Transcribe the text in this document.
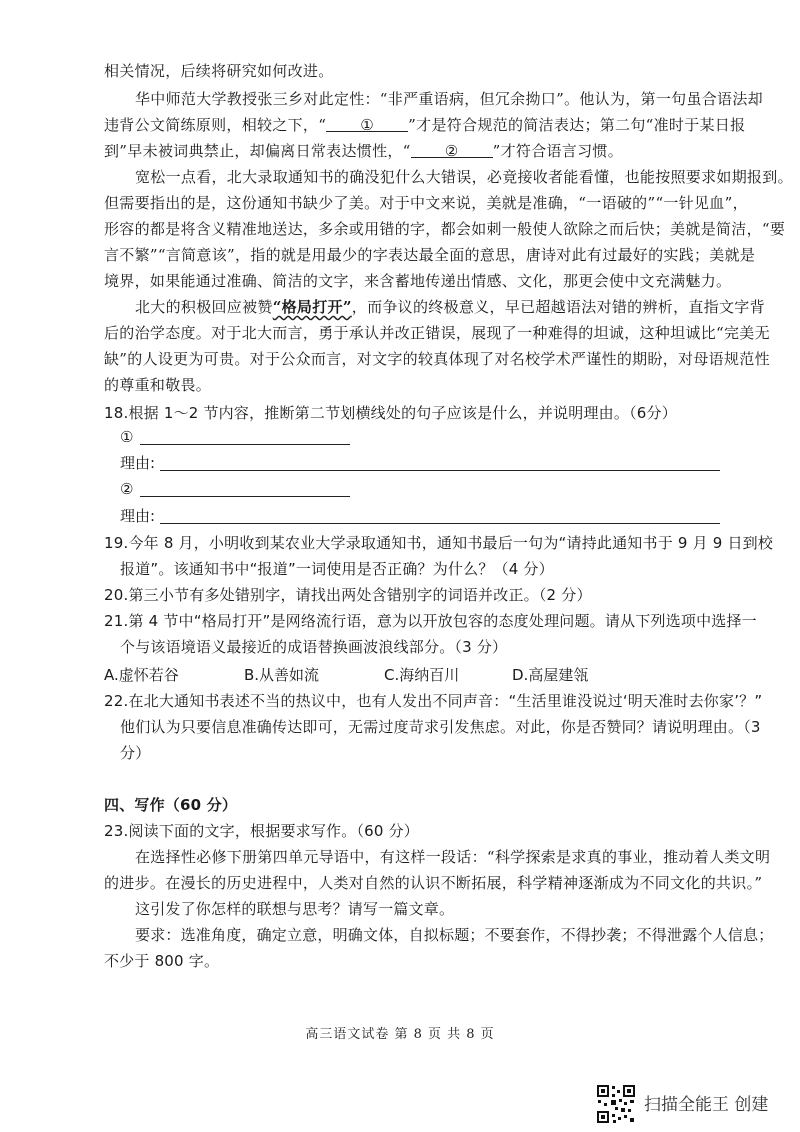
相关情况，后续将研究如何改进。
华中师范大学教授张三乡对此定性：“非严重语病，但冗余拗口”。他认为，第一句虽合语法却
违背公文简练原则，相较之下，“ ① ”才是符合规范的简洁表达；第二句“准时于某日报
到”早未被词典禁止，却偏离日常表达惯性，“ ② ”才符合语言习惯。
宽松一点看，北大录取通知书的确没犯什么大错误，必竟接收者能看懂，也能按照要求如期报到。
但需要指出的是，这份通知书缺少了美。对于中文来说，美就是准确，“一语破的”“一针见血”，
形容的都是将含义精准地送达，多余或用错的字，都会如刺一般使人欲除之而后快；美就是简洁，“要
言不繁”“言简意该”，指的就是用最少的字表达最全面的意思，唐诗对此有过最好的实践；美就是
境界，如果能通过准确、简洁的文字，来含蓄地传递出情感、文化，那更会使中文充满魅力。
北大的积极回应被赞“格局打开”，而争议的终极意义，早已超越语法对错的辨析，直指文字背
后的治学态度。对于北大而言，勇于承认并改正错误，展现了一种难得的坦诚，这种坦诚比“完美无
缺”的人设更为可贵。对于公众而言，对文字的较真体现了对名校学术严谨性的期盼，对母语规范性
的尊重和敬畏。
18.根据 1～2 节内容，推断第二节划横线处的句子应该是什么，并说明理由。（6分）
①
理由:
②
理由:
19.今年 8 月，小明收到某农业大学录取通知书，通知书最后一句为“请持此通知书于 9 月 9 日到校
报道”。该通知书中“报道”一词使用是否正确？为什么？（4 分）
20.第三小节有多处错别字，请找出两处含错别字的词语并改正。（2 分）
21.第 4 节中“格局打开”是网络流行语，意为以开放包容的态度处理问题。请从下列选项中选择一
个与该语境语义最接近的成语替换画波浪线部分。（3 分）
A.虚怀若谷	B.从善如流	C.海纳百川	D.高屋建瓴
22.在北大通知书表述不当的热议中，也有人发出不同声音：“生活里谁没说过‘明天准时去你家’？”
他们认为只要信息准确传达即可，无需过度苛求引发焦虑。对此，你是否赞同？请说明理由。（3
分）
四、写作（60 分）
23.阅读下面的文字，根据要求写作。（60 分）
在选择性必修下册第四单元导语中，有这样一段话：“科学探索是求真的事业，推动着人类文明
的进步。在漫长的历史进程中，人类对自然的认识不断拓展，科学精神逐渐成为不同文化的共识。”
这引发了你怎样的联想与思考？请写一篇文章。
要求：选准角度，确定立意，明确文体，自拟标题；不要套作，不得抄袭；不得泄露个人信息；
不少于 800 字。
高三语文试卷 第 8 页 共 8 页
扫描全能王 创建
